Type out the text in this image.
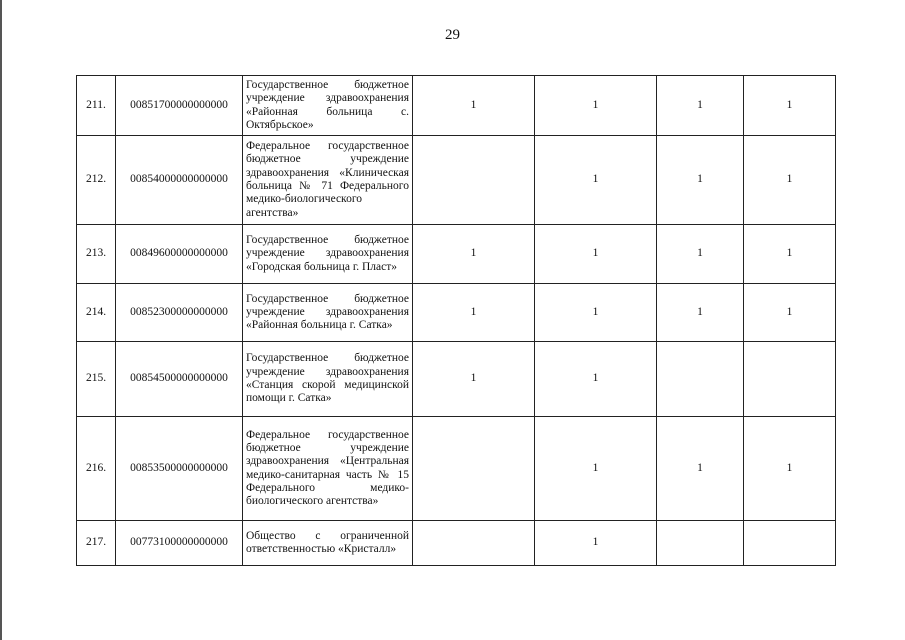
29
211.	00851700000000000	Государственное бюджетное учреждение здравоохранения «Районная больница с. Октябрьское»	1	1	1	1
212.	00854000000000000	Федеральное государственное бюджетное учреждение здравоохранения «Клиническая больница № 71 Федерального медико-биологического агентства»		1	1	1
213.	00849600000000000	Государственное бюджетное учреждение здравоохранения «Городская больница г. Пласт»	1	1	1	1
214.	00852300000000000	Государственное бюджетное учреждение здравоохранения «Районная больница г. Сатка»	1	1	1	1
215.	00854500000000000	Государственное бюджетное учреждение здравоохранения «Станция скорой медицинской помощи г. Сатка»	1	1		
216.	00853500000000000	Федеральное государственное бюджетное учреждение здравоохранения «Центральная медико-санитарная часть № 15 Федерального медико-биологического агентства»		1	1	1
217.	00773100000000000	Общество с ограниченной ответственностью «Кристалл»		1		
